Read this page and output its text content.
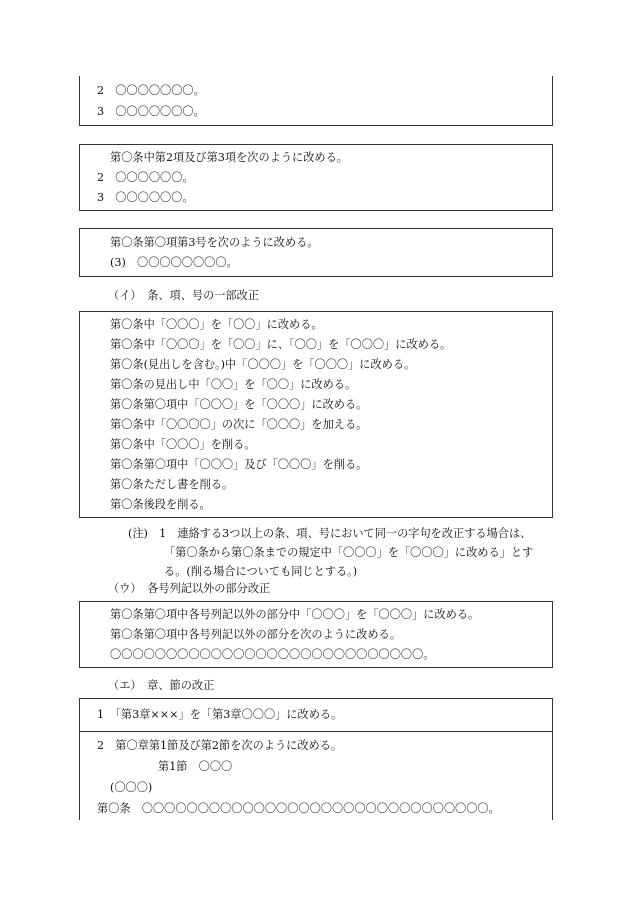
2　〇〇〇〇〇〇〇。
3　〇〇〇〇〇〇〇。
第〇条中第2項及び第3項を次のように改める。
2　〇〇〇〇〇〇。
3　〇〇〇〇〇〇。
第〇条第〇項第3号を次のように改める。
(3)　〇〇〇〇〇〇〇〇。
（イ）　条、項、号の一部改正
第〇条中「〇〇〇」を「〇〇」に改める。
第〇条中「〇〇〇」を「〇〇」に、「〇〇」を「〇〇〇」に改める。
第〇条(見出しを含む。)中「〇〇〇」を「〇〇〇」に改める。
第〇条の見出し中「〇〇」を「〇〇」に改める。
第〇条第〇項中「〇〇〇」を「〇〇〇」に改める。
第〇条中「〇〇〇〇」の次に「〇〇〇」を加える。
第〇条中「〇〇〇」を削る。
第〇条第〇項中「〇〇〇」及び「〇〇〇」を削る。
第〇条ただし書を削る。
第〇条後段を削る。
(注)　1　連絡する3つ以上の条、項、号において同一の字句を改正する場合は、
「第〇条から第〇条までの規定中「〇〇〇」を「〇〇〇」に改める」とす
る。(削る場合についても同じとする。)
（ウ）　各号列記以外の部分改正
第〇条第〇項中各号列記以外の部分中「〇〇〇」を「〇〇〇」に改める。
第〇条第〇項中各号列記以外の部分を次のように改める。
〇〇〇〇〇〇〇〇〇〇〇〇〇〇〇〇〇〇〇〇〇〇〇〇〇〇〇〇。
（エ）　章、節の改正
1　「第3章×××」を「第3章〇〇〇」に改める。
2　第〇章第1節及び第2節を次のように改める。
第1節　〇〇〇
(〇〇〇)
第〇条　〇〇〇〇〇〇〇〇〇〇〇〇〇〇〇〇〇〇〇〇〇〇〇〇〇〇〇〇〇〇〇。
